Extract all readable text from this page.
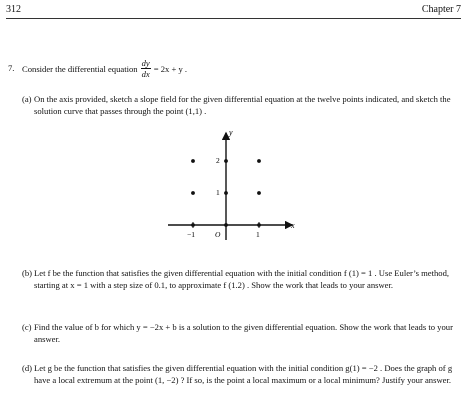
312	Chapter 7
7. Consider the differential equation $\frac{dy}{dx} = 2x + y$ .
(a) On the axis provided, sketch a slope field for the given differential equation at the twelve points indicated, and sketch the solution curve that passes through the point (1,1) .
x
y
−1	O	1
1
2
(b) Let f be the function that satisfies the given differential equation with the initial condition f (1) = 1 . Use Euler’s method, starting at x = 1 with a step size of 0.1, to approximate f (1.2) . Show the work that leads to your answer.
(c) Find the value of b for which y = −2x + b is a solution to the given differential equation. Show the work that leads to your answer.
(d) Let g be the function that satisfies the given differential equation with the initial condition g(1) = −2 . Does the graph of g have a local extremum at the point (1, −2) ? If so, is the point a local maximum or a local minimum? Justify your answer.
